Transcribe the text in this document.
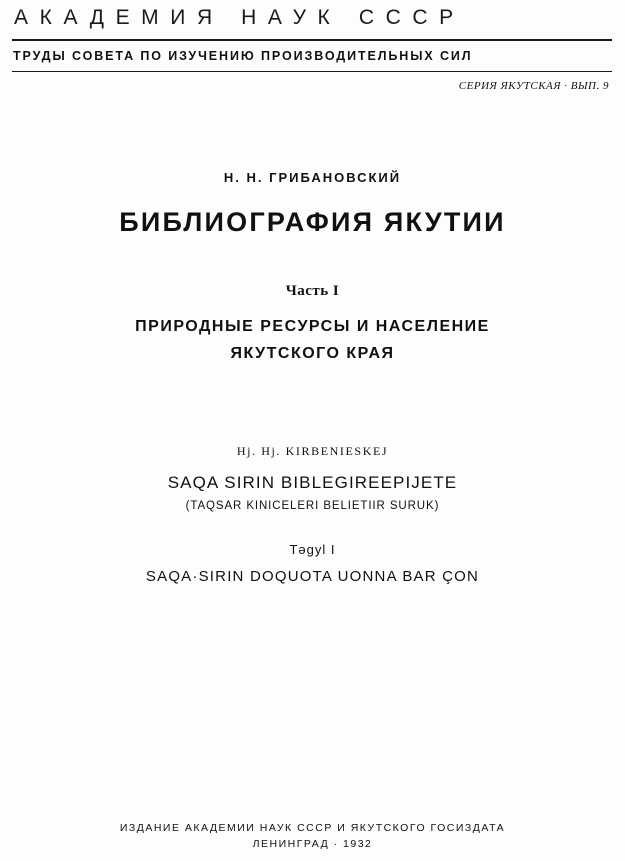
АКАДЕМИЯ НАУК СССР
ТРУДЫ СОВЕТА ПО ИЗУЧЕНИЮ ПРОИЗВОДИТЕЛЬНЫХ СИЛ
СЕРИЯ ЯКУТСКАЯ · ВЫП. 9
Н. Н. ГРИБАНОВСКИЙ
БИБЛИОГРАФИЯ ЯКУТИИ
Часть I
ПРИРОДНЫЕ РЕСУРСЫ И НАСЕЛЕНИЕ
ЯКУТСКОГО КРАЯ
Hj. Hj. KIRBENIESKEJ
SAQA SIRIN BIBLEGIREEPIJETE
(TAQSAR KINICELERI BELIETIIR SURUK)
Təgyl I
SAQA·SIRIN DOQUOTA UONNA BAR ÇON
ИЗДАНИЕ АКАДЕМИИ НАУК СССР И ЯКУТСКОГО ГОСИЗДАТА
ЛЕНИНГРАД · 1932
